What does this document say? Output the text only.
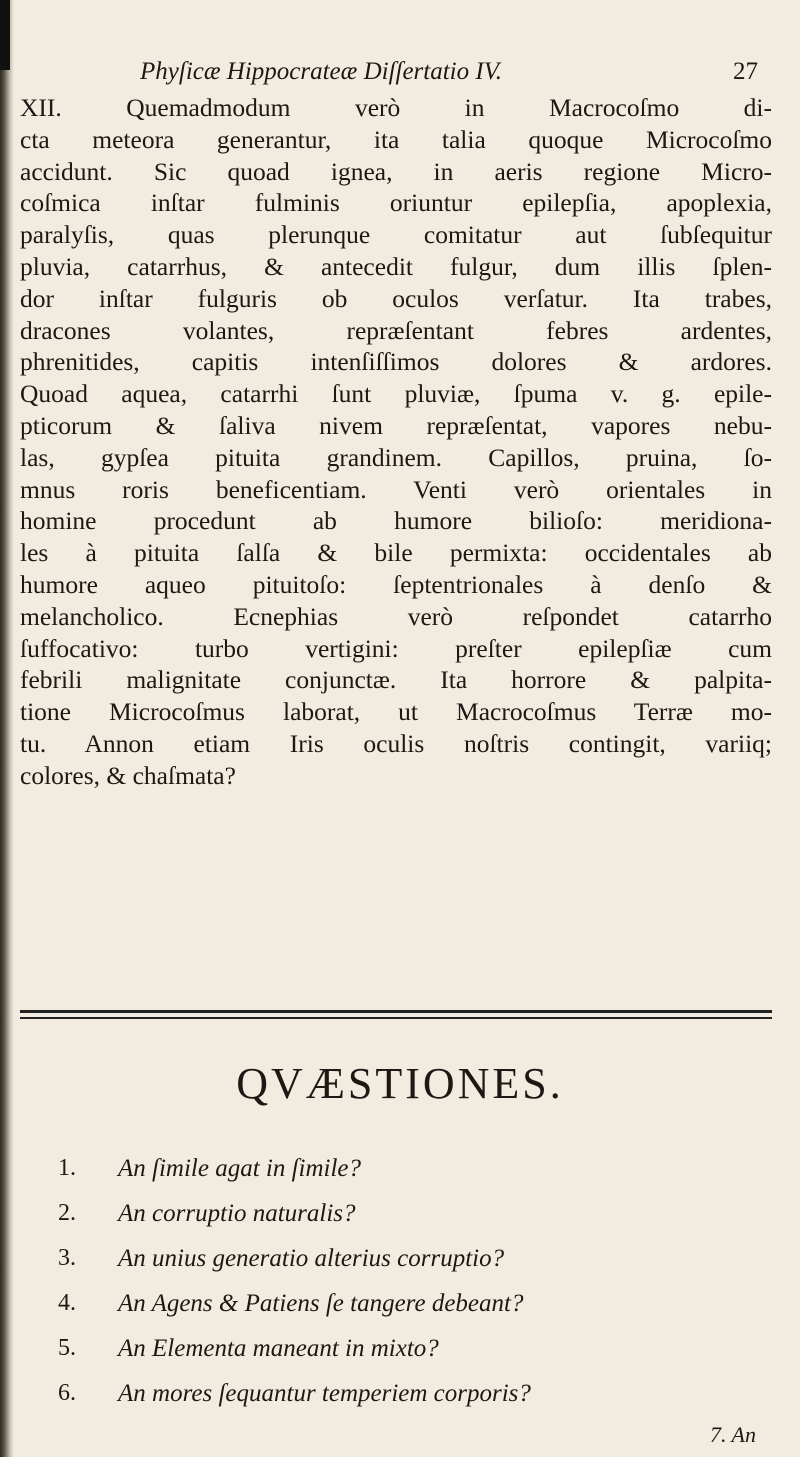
Phyſicæ Hippocrateæ Diſſertatio IV.	27
XII. Quemadmodum verò in Macrocoſmo di-
cta meteora generantur, ita talia quoque Microcoſmo
accidunt. Sic quoad ignea, in aeris regione Micro-
coſmica inſtar fulminis oriuntur epilepſia, apoplexia,
paralyſis, quas plerunque comitatur aut ſubſequitur
pluvia, catarrhus, & antecedit fulgur, dum illis ſplen-
dor inſtar fulguris ob oculos verſatur. Ita trabes,
dracones volantes, repræſentant febres ardentes,
phrenitides, capitis intenſiſſimos dolores & ardores.
Quoad aquea, catarrhi ſunt pluviæ, ſpuma v. g. epile-
pticorum & ſaliva nivem repræſentat, vapores nebu-
las, gypſea pituita grandinem. Capillos, pruina, ſo-
mnus roris beneficentiam. Venti verò orientales in
homine procedunt ab humore bilioſo: meridiona-
les à pituita ſalſa & bile permixta: occidentales ab
humore aqueo pituitoſo: ſeptentrionales à denſo &
melancholico. Ecnephias verò reſpondet catarrho
ſuffocativo: turbo vertigini: preſter epilepſiæ cum
febrili malignitate conjunctæ. Ita horrore & palpita-
tione Microcoſmus laborat, ut Macrocoſmus Terræ mo-
tu. Annon etiam Iris oculis noſtris contingit, variiq;
colores, & chaſmata?
QVÆSTIONES.
1.	An ſimile agat in ſimile?
2.	An corruptio naturalis?
3.	An unius generatio alterius corruptio?
4.	An Agens & Patiens ſe tangere debeant?
5.	An Elementa maneant in mixto?
6.	An mores ſequantur temperiem corporis?
7. An
